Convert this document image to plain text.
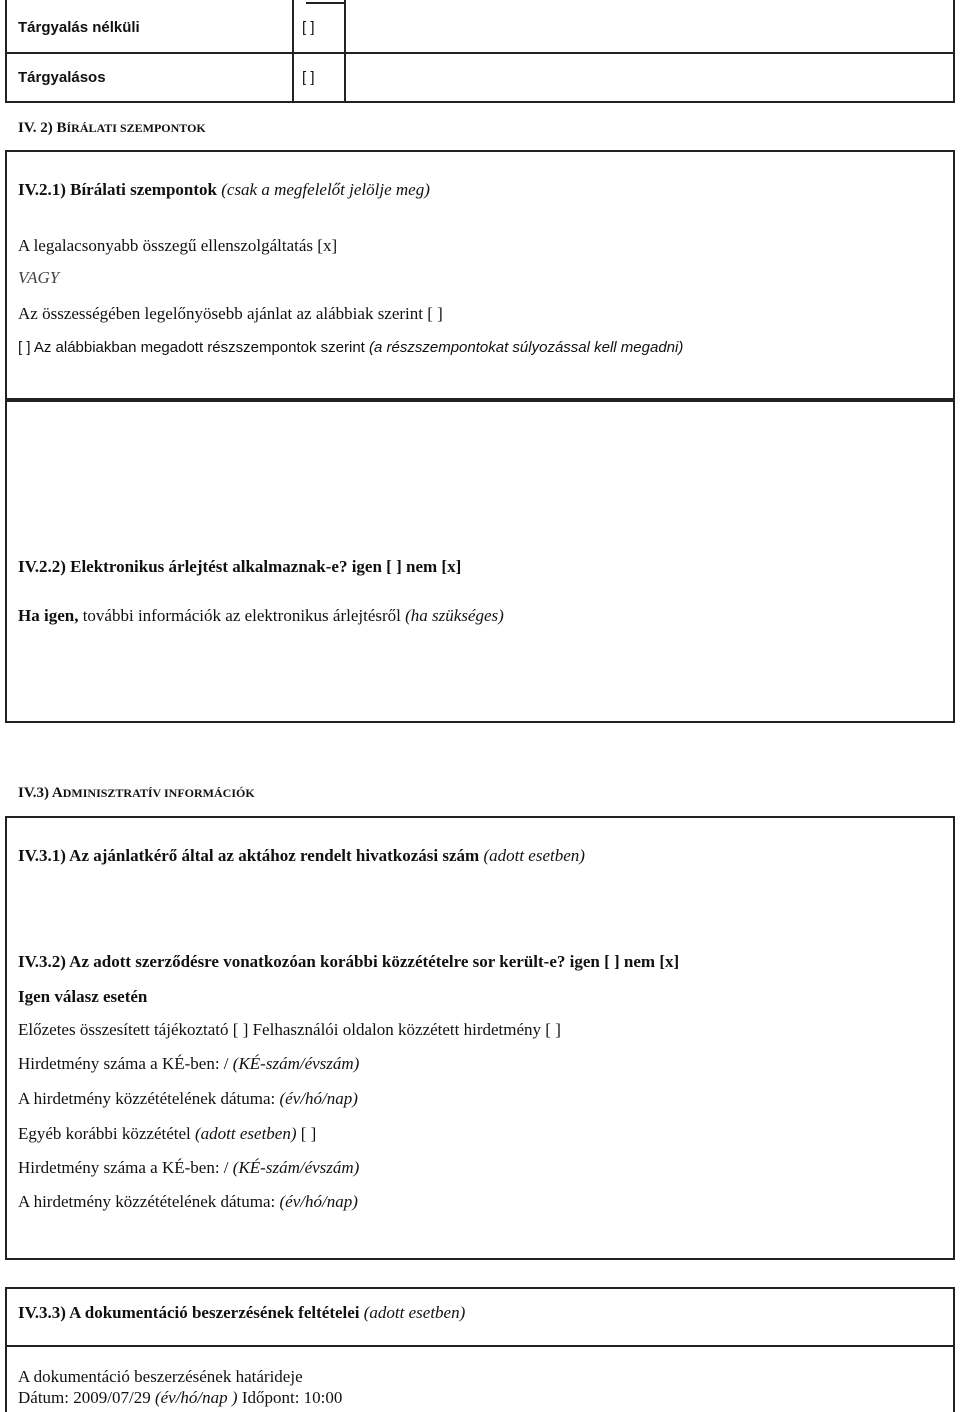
Tárgyalás nélküli	[ ]
Tárgyalásos	[ ]
IV. 2) BÍRÁLATI SZEMPONTOK
IV.2.1) Bírálati szempontok (csak a megfelelőt jelölje meg)
A legalacsonyabb összegű ellenszolgáltatás [x]
VAGY
Az összességében legelőnyösebb ajánlat az alábbiak szerint [ ]
[ ] Az alábbiakban megadott részszempontok szerint (a részszempontokat súlyozással kell megadni)
IV.2.2) Elektronikus árlejtést alkalmaznak-e? igen [ ] nem [x]
Ha igen, további információk az elektronikus árlejtésről (ha szükséges)
IV.3) ADMINISZTRATÍV INFORMÁCIÓK
IV.3.1) Az ajánlatkérő által az aktához rendelt hivatkozási szám (adott esetben)
IV.3.2) Az adott szerződésre vonatkozóan korábbi közzétételre sor került-e? igen [ ] nem [x]
Igen válasz esetén
Előzetes összesített tájékoztató [ ] Felhasználói oldalon közzétett hirdetmény [ ]
Hirdetmény száma a KÉ-ben: / (KÉ-szám/évszám)
A hirdetmény közzétételének dátuma: (év/hó/nap)
Egyéb korábbi közzététel (adott esetben) [ ]
Hirdetmény száma a KÉ-ben: / (KÉ-szám/évszám)
A hirdetmény közzétételének dátuma: (év/hó/nap)
IV.3.3) A dokumentáció beszerzésének feltételei (adott esetben)
A dokumentáció beszerzésének határideje
Dátum: 2009/07/29 (év/hó/nap ) Időpont: 10:00
